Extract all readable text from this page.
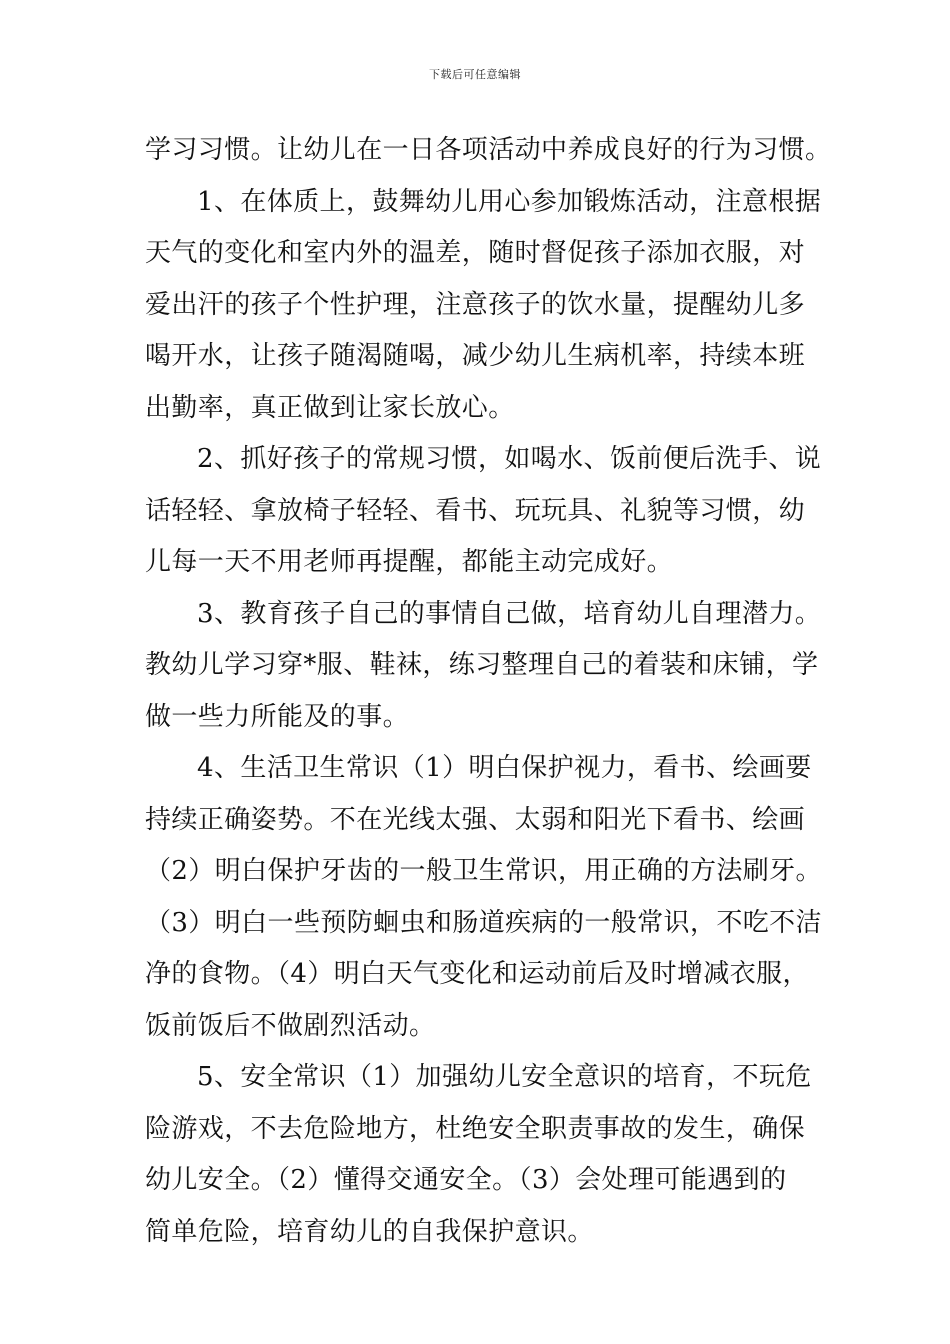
下载后可任意编辑
学习习惯。让幼儿在一日各项活动中养成良好的行为习惯。
1、在体质上，鼓舞幼儿用心参加锻炼活动，注意根据
天气的变化和室内外的温差，随时督促孩子添加衣服，对
爱出汗的孩子个性护理，注意孩子的饮水量，提醒幼儿多
喝开水，让孩子随渴随喝，减少幼儿生病机率，持续本班
出勤率，真正做到让家长放心。
2、抓好孩子的常规习惯，如喝水、饭前便后洗手、说
话轻轻、拿放椅子轻轻、看书、玩玩具、礼貌等习惯，幼
儿每一天不用老师再提醒，都能主动完成好。
3、教育孩子自己的事情自己做，培育幼儿自理潜力。
教幼儿学习穿*服、鞋袜，练习整理自己的着装和床铺，学
做一些力所能及的事。
4、生活卫生常识（1）明白保护视力，看书、绘画要
持续正确姿势。不在光线太强、太弱和阳光下看书、绘画
（2）明白保护牙齿的一般卫生常识，用正确的方法刷牙。
（3）明白一些预防蛔虫和肠道疾病的一般常识，不吃不洁
净的食物。（4）明白天气变化和运动前后及时增减衣服，
饭前饭后不做剧烈活动。
5、安全常识（1）加强幼儿安全意识的培育，不玩危
险游戏，不去危险地方，杜绝安全职责事故的发生，确保
幼儿安全。（2）懂得交通安全。（3）会处理可能遇到的
简单危险，培育幼儿的自我保护意识。
